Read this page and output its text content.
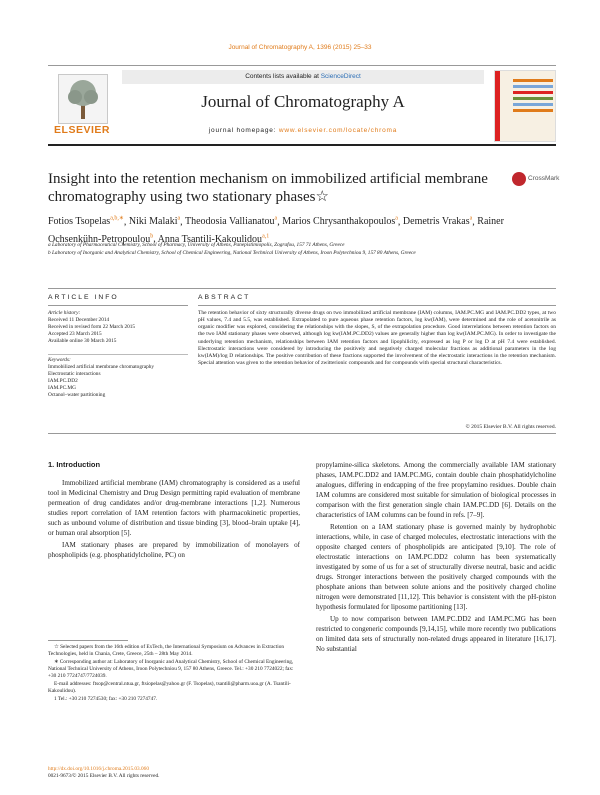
Journal of Chromatography A, 1396 (2015) 25–33
ELSEVIER
Contents lists available at ScienceDirect
Journal of Chromatography A
journal homepage: www.elsevier.com/locate/chroma
Insight into the retention mechanism on immobilized artificial membrane chromatography using two stationary phases☆
CrossMark
Fotios Tsopelas$^{a,b,∗}$, Niki Malaki$^a$, Theodosia Vallianatou$^a$, Marios Chrysanthakopoulos$^a$, Demetris Vrakas$^a$, Rainer Ochsenkühn-Petropoulou$^b$, Anna Tsantili-Kakoulidou$^{a,1}$
a Laboratory of Pharmaceutical Chemistry, School of Pharmacy, University of Athens, Panepistimiopolis, Zografou, 157 71 Athens, Greece
b Laboratory of Inorganic and Analytical Chemistry, School of Chemical Engineering, National Technical University of Athens, Iroon Polytechniou 9, 157 80 Athens, Greece
ARTICLE INFO	ABSTRACT
Article history:
Received 11 December 2014
Received in revised form 22 March 2015
Accepted 23 March 2015
Available online 30 March 2015
Keywords:
Immobilized artificial membrane chromatography
Electrostatic interactions
IAM.PC.DD2
IAM.PC.MG
Octanol–water partitioning
The retention behavior of sixty structurally diverse drugs on two immobilized artificial membrane (IAM) columns, IAM.PC.MG and IAM.PC.DD2 types, at two pH values, 7.4 and 5.5, was established. Extrapolated to pure aqueous phase retention factors, log kw(IAM), were determined and the role of acetonitrile as organic modifier was explored, considering the relationships with the slopes, S, of the extrapolation procedure. Good interrelations between retention factors on the two IAM stationary phases were observed, although log kw(IAM.PC.DD2) values are generally higher than log kw(IAM.PC.MG). In order to investigate the underlying retention mechanism, relationships between IAM retention factors and lipophilicity, expressed as log P or log D at pH 7.4 were established. Electrostatic interactions were considered by introducing the positively and negatively charged molecular fractions as additional parameters in the log kw(IAM)/log D relationships. The positive contribution of these fractions supported the involvement of the electrostatic interactions in the retention mechanism. Special attention was given to the retention behavior of zwitterionic compounds and for compounds with special structural characteristics.
© 2015 Elsevier B.V. All rights reserved.
1. Introduction

Immobilized artificial membrane (IAM) chromatography is considered as a useful tool in Medicinal Chemistry and Drug Design permitting rapid evaluation of membrane permeation of drug candidates and/or drug-membrane interactions [1,2]. Numerous studies report correlation of IAM retention factors with pharmacokinetic properties, such as unbound volume of distribution and tissue binding [3], blood–brain uptake [4], or human oral absorption [5].

IAM stationary phases are prepared by immobilization of monolayers of phospholipids (e.g. phosphatidylcholine, PC) on

propylamine-silica skeletons. Among the commercially available IAM stationary phases, IAM.PC.DD2 and IAM.PC.MG, contain double chain phosphatidylcholine analogues, differing in endcapping of the free propylamino residues. Double chain IAM columns are considered most suitable for simulation of biological processes in comparison with the first generation single chain IAM.PC.DD [6]. Details on the characteristics of IAM columns can be found in refs. [7–9].

Retention on a IAM stationary phase is governed mainly by hydrophobic interactions, while, in case of charged molecules, electrostatic interactions with the opposite charged centers of phospholipids are anticipated [9,10]. The role of electrostatic interactions on IAM.PC.DD2 column has been systematically investigated by some of us for a set of structurally diverse neutral, basic and acidic drugs. Stronger interactions between the positively charged compounds with the phosphate anions than between solute anions and the positively charged choline nitrogen were demonstrated [11,12]. This behavior is consistent with the pH-piston hypothesis formulated for liposome partitioning [13].

Up to now comparison between IAM.PC.DD2 and IAM.PC.MG has been restricted to congeneric compounds [9,14,15], while more recently two publications on limited data sets of structurally non-related drugs appeared in literature [16,17]. No substantial

☆ Selected papers from the 16th edition of ExTech, the International Symposium on Advances in Extraction Technologies, held in Chania, Crete, Greece, 25th – 28th May 2014.

∗ Corresponding author at: Laboratory of Inorganic and Analytical Chemistry, School of Chemical Engineering, National Technical University of Athens, Iroon Polytechniou 9, 157 80 Athens, Greece. Tel.: +30 210 7724022; fax: +30 210 7724747/7724039.

E-mail addresses: ftsop@central.ntua.gr, ftsiopelas@yahoo.gr (F. Tsopelas), tsantili@pharm.uoa.gr (A. Tsantili-Kakoulidou).

1 Tel.: +30 210 7274530; fax: +30 210 7274747.

http://dx.doi.org/10.1016/j.chroma.2015.03.060
0021-9673/© 2015 Elsevier B.V. All rights reserved.
